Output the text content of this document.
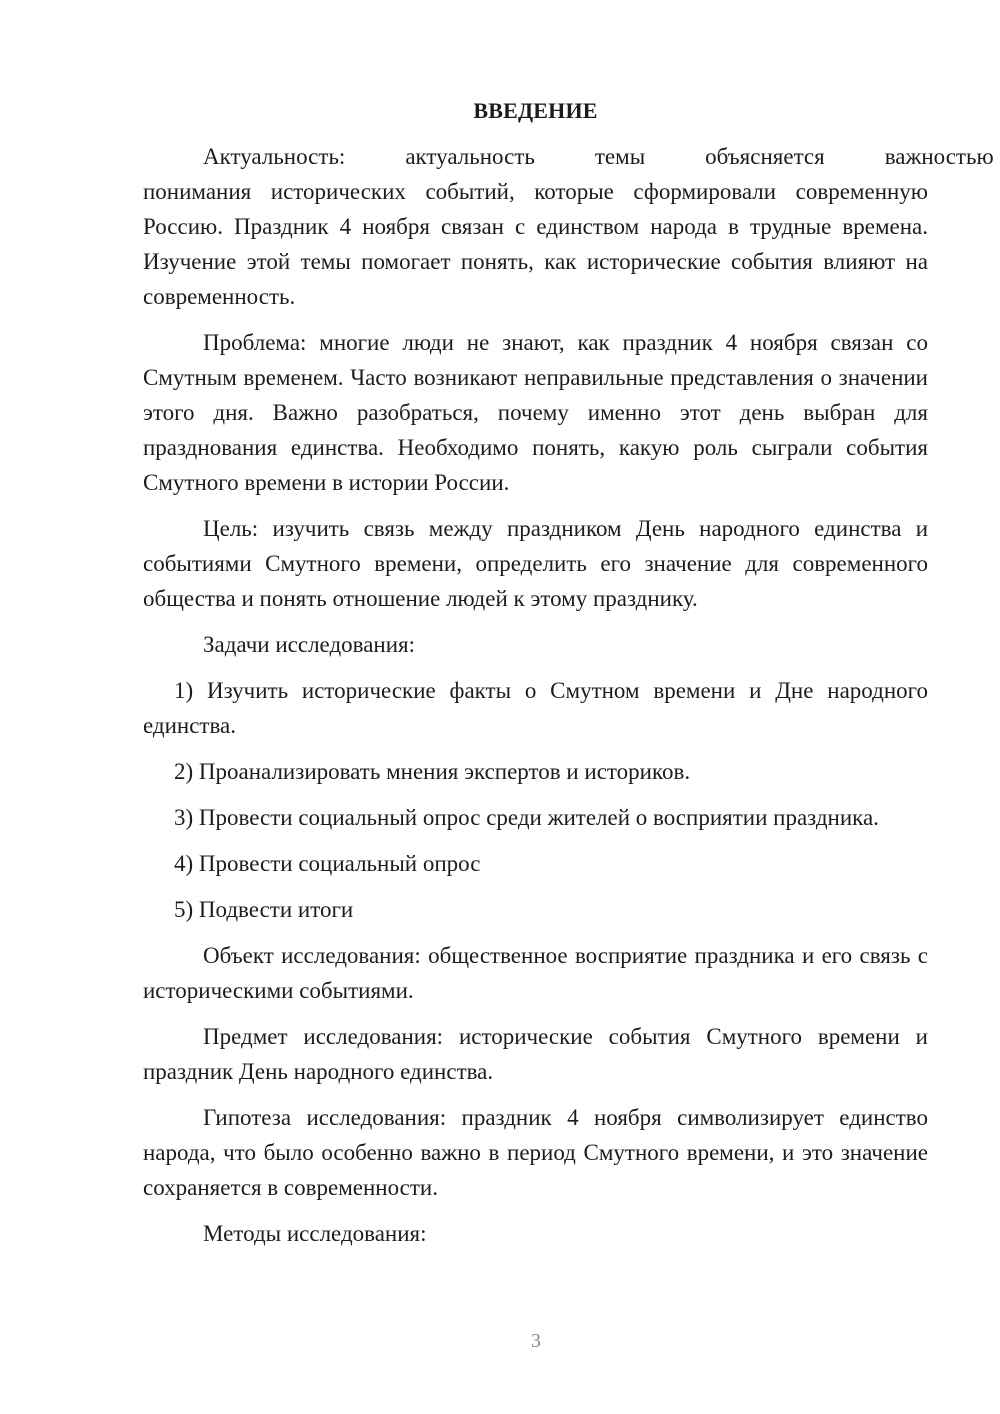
ВВЕДЕНИЕ
Актуальность:	актуальность	темы	объясняется	важностью
понимания исторических событий, которые сформировали современную Россию. Праздник 4 ноября связан с единством народа в трудные времена. Изучение этой темы помогает понять, как исторические события влияют на современность.
Проблема: многие люди не знают, как праздник 4 ноября связан со Смутным временем. Часто возникают неправильные представления о значении этого дня. Важно разобраться, почему именно этот день выбран для празднования единства. Необходимо понять, какую роль сыграли события Смутного времени в истории России.
Цель: изучить связь между праздником День народного единства и событиями Смутного времени, определить его значение для современного общества и понять отношение людей к этому празднику.
Задачи исследования:
1) Изучить исторические факты о Смутном времени и Дне народного единства.
2) Проанализировать мнения экспертов и историков.
3) Провести социальный опрос среди жителей о восприятии праздника.
4) Провести социальный опрос
5) Подвести итоги
Объект исследования: общественное восприятие праздника и его связь с историческими событиями.
Предмет исследования: исторические события Смутного времени и праздник День народного единства.
Гипотеза исследования: праздник 4 ноября символизирует единство народа, что было особенно важно в период Смутного времени, и это значение сохраняется в современности.
Методы исследования:
3
